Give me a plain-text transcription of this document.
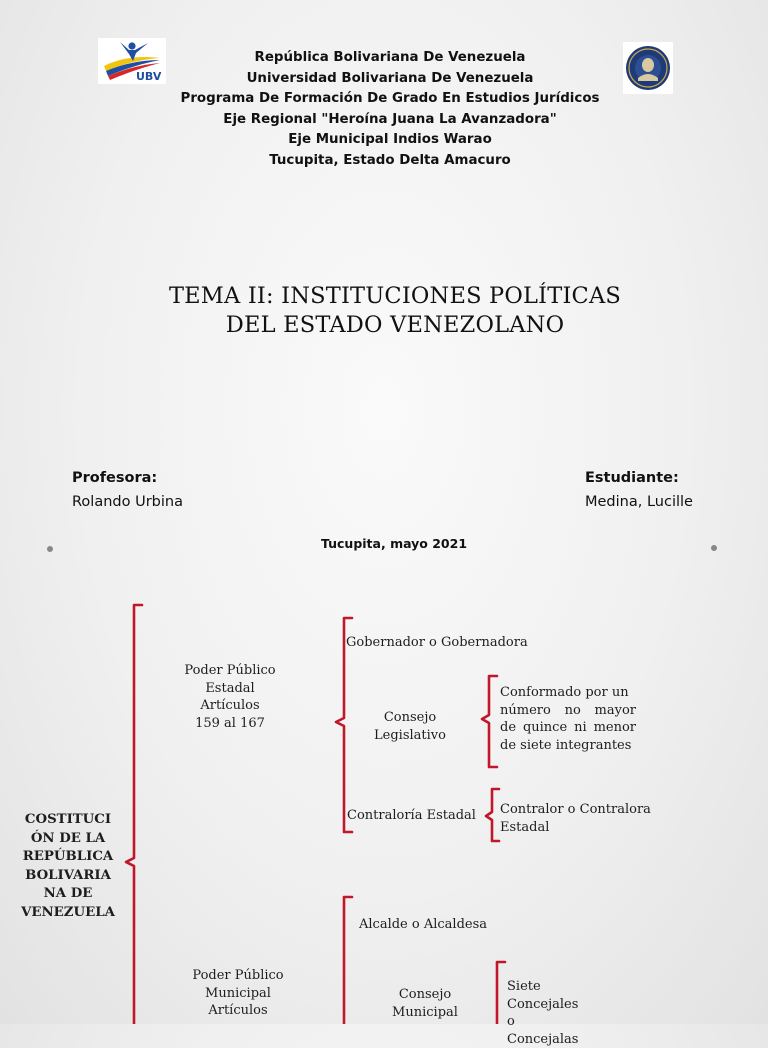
UBV
República Bolivariana De Venezuela
Universidad Bolivariana De Venezuela
Programa De Formación De Grado En Estudios Jurídicos
Eje Regional "Heroína Juana La Avanzadora"
Eje Municipal Indios Warao
Tucupita, Estado Delta Amacuro
TEMA II: INSTITUCIONES POLÍTICAS
DEL ESTADO VENEZOLANO
Profesora:
Rolando Urbina
Estudiante:
Medina, Lucille
Tucupita, mayo 2021
COSTITUCI
ÓN DE LA
REPÚBLICA
BOLIVARIA
NA DE
VENEZUELA
Poder Público
Estadal
Artículos
159 al 167
Gobernador o Gobernadora
Consejo
Legislativo
Conformado por un
número no mayor
de quince ni menor
de siete integrantes
Contraloría Estadal	Contralor o Contralora
Estadal
Poder Público
Municipal
Artículos
Alcalde o Alcaldesa
Consejo
Municipal
Siete
Concejales o
Concejalas
